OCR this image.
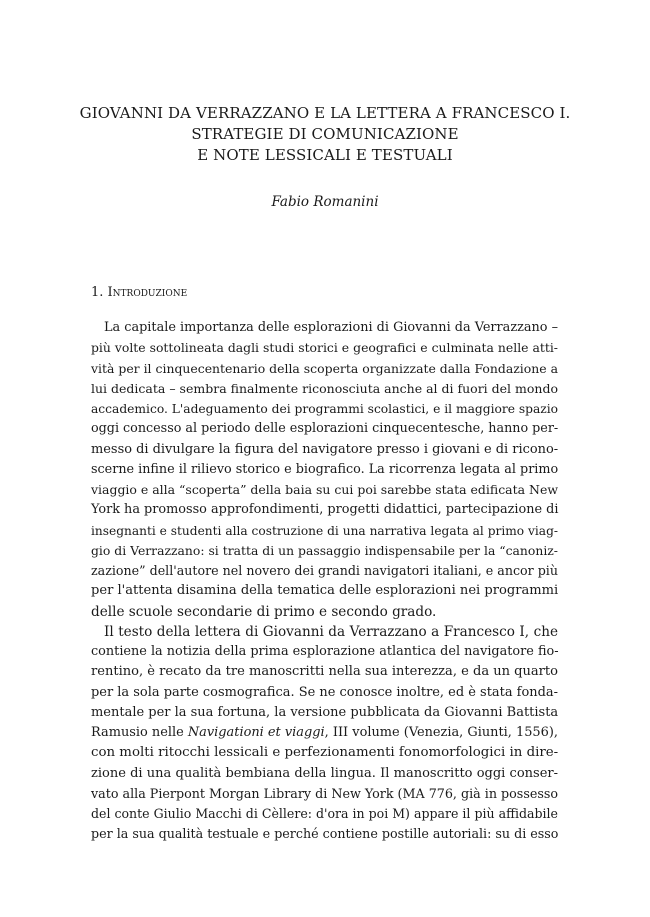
GIOVANNI DA VERRAZZANO E LA LETTERA A FRANCESCO I.
STRATEGIE DI COMUNICAZIONE
E NOTE LESSICALI E TESTUALI
Fabio Romanini
1. Introduzione
La capitale importanza delle esplorazioni di Giovanni da Verrazzano –
più volte sottolineata dagli studi storici e geografici e culminata nelle atti-
vità per il cinquecentenario della scoperta organizzate dalla Fondazione a
lui dedicata – sembra finalmente riconosciuta anche al di fuori del mondo
accademico. L'adeguamento dei programmi scolastici, e il maggiore spazio
oggi concesso al periodo delle esplorazioni cinquecentesche, hanno per-
messo di divulgare la figura del navigatore presso i giovani e di ricono-
scerne infine il rilievo storico e biografico. La ricorrenza legata al primo
viaggio e alla “scoperta” della baia su cui poi sarebbe stata edificata New
York ha promosso approfondimenti, progetti didattici, partecipazione di
insegnanti e studenti alla costruzione di una narrativa legata al primo viag-
gio di Verrazzano: si tratta di un passaggio indispensabile per la “canoniz-
zazione” dell'autore nel novero dei grandi navigatori italiani, e ancor più
per l'attenta disamina della tematica delle esplorazioni nei programmi
delle scuole secondarie di primo e secondo grado.
Il testo della lettera di Giovanni da Verrazzano a Francesco I, che
contiene la notizia della prima esplorazione atlantica del navigatore fio-
rentino, è recato da tre manoscritti nella sua interezza, e da un quarto
per la sola parte cosmografica. Se ne conosce inoltre, ed è stata fonda-
mentale per la sua fortuna, la versione pubblicata da Giovanni Battista
Ramusio nelle Navigationi et viaggi, III volume (Venezia, Giunti, 1556),
con molti ritocchi lessicali e perfezionamenti fonomorfologici in dire-
zione di una qualità bembiana della lingua. Il manoscritto oggi conser-
vato alla Pierpont Morgan Library di New York (MA 776, già in possesso
del conte Giulio Macchi di Cèllere: d'ora in poi M) appare il più affidabile
per la sua qualità testuale e perché contiene postille autoriali: su di esso
